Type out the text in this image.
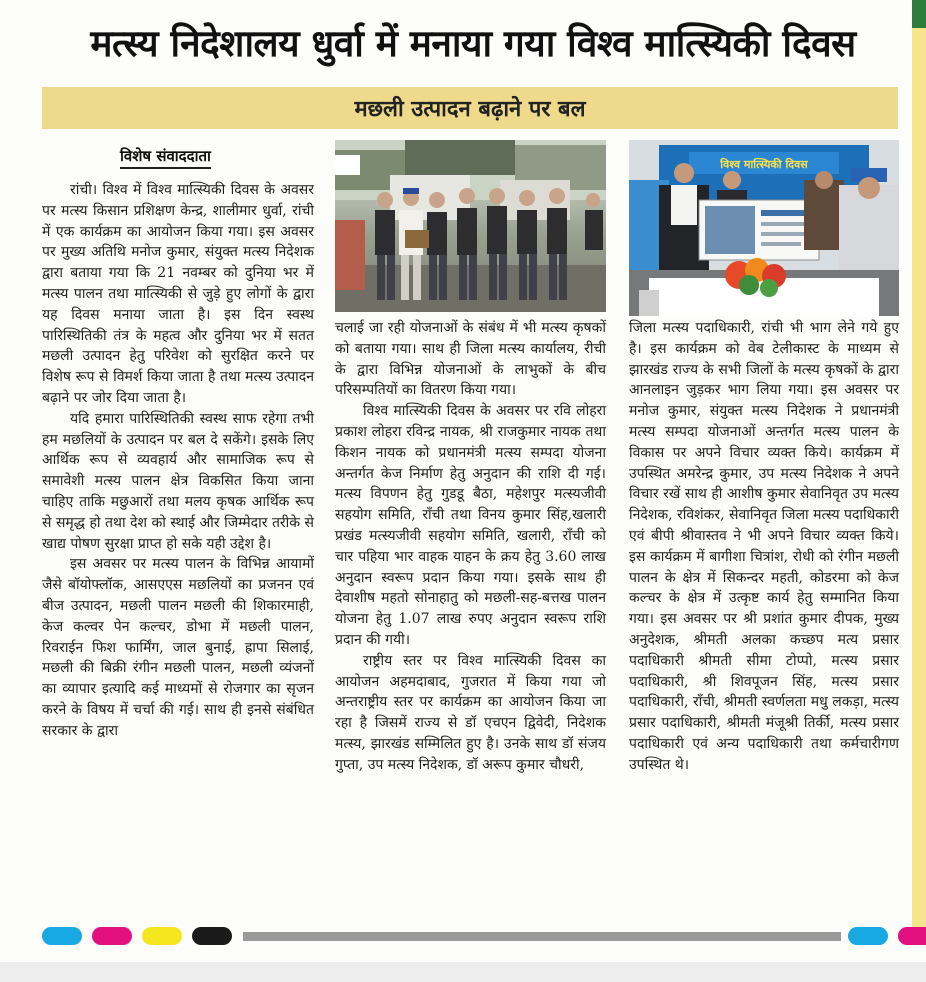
मत्स्य निदेशालय धुर्वा में मनाया गया विश्व मात्स्यिकी दिवस
मछली उत्पादन बढ़ाने पर बल
विशेष संवाददाता

रांची। विश्व में विश्व मात्स्यिकी दिवस के अवसर पर मत्स्य किसान प्रशिक्षण केन्द्र, शालीमार धुर्वा, रांची में एक कार्यक्रम का आयोजन किया गया। इस अवसर पर मुख्य अतिथि मनोज कुमार, संयुक्त मत्स्य निदेशक द्वारा बताया गया कि 21 नवम्बर को दुनिया भर में मत्स्य पालन तथा मात्स्यिकी से जुड़े हुए लोगों के द्वारा यह दिवस मनाया जाता है। इस दिन स्वस्थ पारिस्थितिकी तंत्र के महत्व और दुनिया भर में सतत मछली उत्पादन हेतु परिवेश को सुरक्षित करने पर विशेष रूप से विमर्श किया जाता है तथा मत्स्य उत्पादन बढ़ाने पर जोर दिया जाता है।

यदि हमारा पारिस्थितिकी स्वस्थ साफ रहेगा तभी हम मछलियों के उत्पादन पर बल दे सकेंगे। इसके लिए आर्थिक रूप से व्यवहार्य और सामाजिक रूप से समावेशी मत्स्य पालन क्षेत्र विकसित किया जाना चाहिए ताकि मछुआरों तथा मलय कृषक आर्थिक रूप से समृद्ध हो तथा देश को स्थाई और जिम्मेदार तरीके से खाद्य पोषण सुरक्षा प्राप्त हो सके यही उद्देश है।

इस अवसर पर मत्स्य पालन के विभिन्न आयामों जैसे बॉयोफ्लॉक, आसएएस मछलियों का प्रजनन एवं बीज उत्पादन, मछली पालन मछली की शिकारमाही, केज कल्वर पेन कल्चर, डोभा में मछली पालन, रिवराईन फिश फार्मिंग, जाल बुनाई, ह्रापा सिलाई, मछली की बिक्री रंगीन मछली पालन, मछली व्यंजनों का व्यापार इत्यादि कई माध्यमों से रोजगार का सृजन करने के विषय में चर्चा की गई। साथ ही इनसे संबंधित सरकार के द्वारा

विश्व मात्स्यिकी दिवस

चलाई जा रही योजनाओं के संबंध में भी मत्स्य कृषकों को बताया गया। साथ ही जिला मत्स्य कार्यालय, रीची के द्वारा विभिन्न योजनाओं के लाभुकों के बीच परिसम्पतियों का वितरण किया गया।

विश्व मात्स्यिकी दिवस के अवसर पर रवि लोहरा प्रकाश लोहरा रविन्द्र नायक, श्री राजकुमार नायक तथा किशन नायक को प्रधानमंत्री मत्स्य सम्पदा योजना अन्तर्गत केज निर्माण हेतु अनुदान की राशि दी गई। मत्स्य विपणन हेतु गुडडू बैठा, महेशपुर मत्स्यजीवी सहयोग समिति, राँची तथा विनय कुमार सिंह,खलारी प्रखंड मत्स्यजीवी सहयोग समिति, खलारी, राँची को चार पहिया भार वाहक याहन के क्रय हेतु 3.60 लाख अनुदान स्वरूप प्रदान किया गया। इसके साथ ही देवाशीष महतो सोनाहातु को मछली-सह-बत्तख पालन योजना हेतु 1.07 लाख रुपए अनुदान स्वरूप राशि प्रदान की गयी।

राष्ट्रीय स्तर पर विश्व मात्स्यिकी दिवस का आयोजन अहमदाबाद, गुजरात में किया गया जो अन्तराष्ट्रीय स्तर पर कार्यक्रम का आयोजन किया जा रहा है जिसमें राज्य से डॉ एचएन द्विवेदी, निदेशक मत्स्य, झारखंड सम्मिलित हुए है। उनके साथ डॉ संजय गुप्ता, उप मत्स्य निदेशक, डॉ अरूप कुमार चौधरी,

जिला मत्स्य पदाधिकारी, रांची भी भाग लेने गये हुए है। इस कार्यक्रम को वेब टेलीकास्ट के माध्यम से झारखंड राज्य के सभी जिलों के मत्स्य कृषकों के द्वारा आनलाइन जुड़कर भाग लिया गया। इस अवसर पर मनोज कुमार, संयुक्त मत्स्य निदेशक ने प्रधानमंत्री मत्स्य सम्पदा योजनाओं अन्तर्गत मत्स्य पालन के विकास पर अपने विचार व्यक्त किये। कार्यक्रम में उपस्थित अमरेन्द्र कुमार, उप मत्स्य निदेशक ने अपने विचार रखें साथ ही आशीष कुमार सेवानिवृत उप मत्स्य निदेशक, रविशंकर, सेवानिवृत जिला मत्स्य पदाधिकारी एवं बीपी श्रीवास्तव ने भी अपने विचार व्यक्त किये। इस कार्यक्रम में बागीशा चित्रांश, रोधी को रंगीन मछली पालन के क्षेत्र में सिकन्दर महती, कोडरमा को केज कल्चर के क्षेत्र में उत्कृष्ट कार्य हेतु सम्मानित किया गया। इस अवसर पर श्री प्रशांत कुमार दीपक, मुख्य अनुदेशक, श्रीमती अलका कच्छप मत्य प्रसार पदाधिकारी श्रीमती सीमा टोप्पो, मत्स्य प्रसार पदाधिकारी, श्री शिवपूजन सिंह, मत्स्य प्रसार पदाधिकारी, राँची, श्रीमती स्वर्णलता मधु लकड़ा, मत्स्य प्रसार पदाधिकारी, श्रीमती मंजूश्री तिर्की, मत्स्य प्रसार पदाधिकारी एवं अन्य पदाधिकारी तथा कर्मचारीगण उपस्थित थे।
